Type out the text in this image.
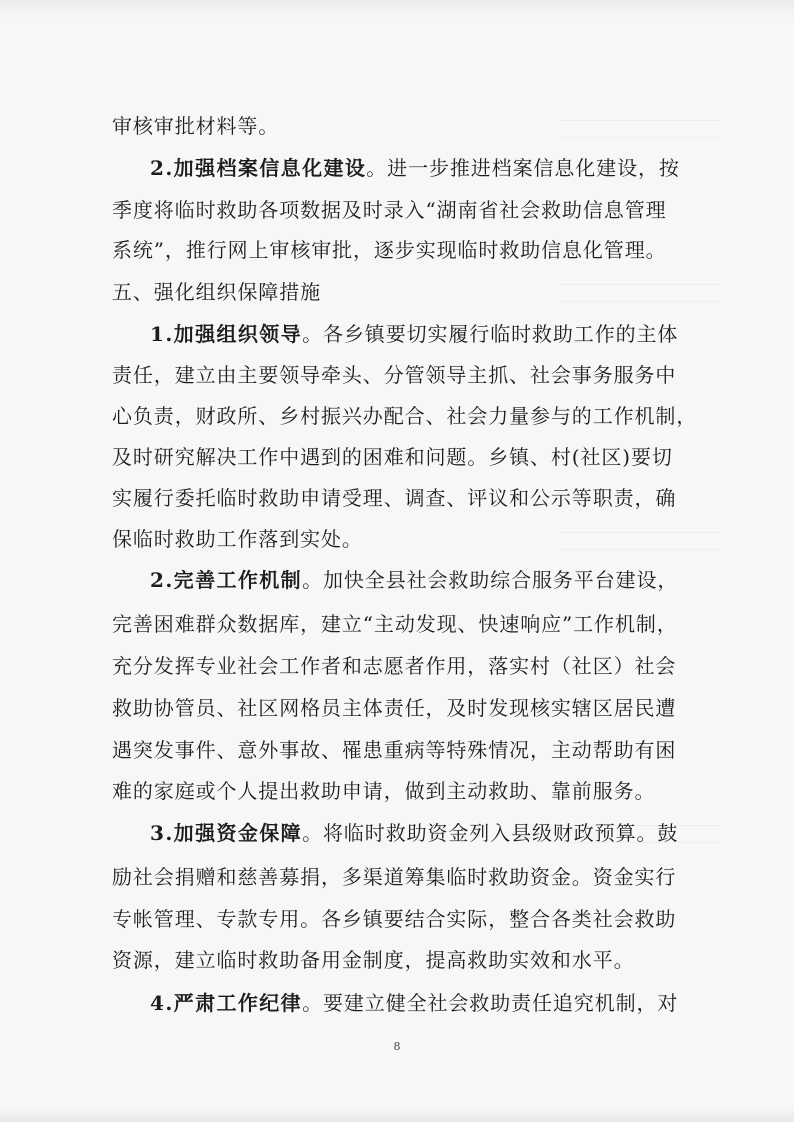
审核审批材料等。
2.加强档案信息化建设。进一步推进档案信息化建设，按
季度将临时救助各项数据及时录入“湖南省社会救助信息管理
系统”，推行网上审核审批，逐步实现临时救助信息化管理。
五、强化组织保障措施
1.加强组织领导。各乡镇要切实履行临时救助工作的主体
责任，建立由主要领导牵头、分管领导主抓、社会事务服务中
心负责，财政所、乡村振兴办配合、社会力量参与的工作机制，
及时研究解决工作中遇到的困难和问题。乡镇、村(社区)要切
实履行委托临时救助申请受理、调查、评议和公示等职责，确
保临时救助工作落到实处。
2.完善工作机制。加快全县社会救助综合服务平台建设，
完善困难群众数据库，建立“主动发现、快速响应”工作机制，
充分发挥专业社会工作者和志愿者作用，落实村（社区）社会
救助协管员、社区网格员主体责任，及时发现核实辖区居民遭
遇突发事件、意外事故、罹患重病等特殊情况，主动帮助有困
难的家庭或个人提出救助申请，做到主动救助、靠前服务。
3.加强资金保障。将临时救助资金列入县级财政预算。鼓
励社会捐赠和慈善募捐，多渠道筹集临时救助资金。资金实行
专帐管理、专款专用。各乡镇要结合实际，整合各类社会救助
资源，建立临时救助备用金制度，提高救助实效和水平。
4.严肃工作纪律。要建立健全社会救助责任追究机制，对
8
